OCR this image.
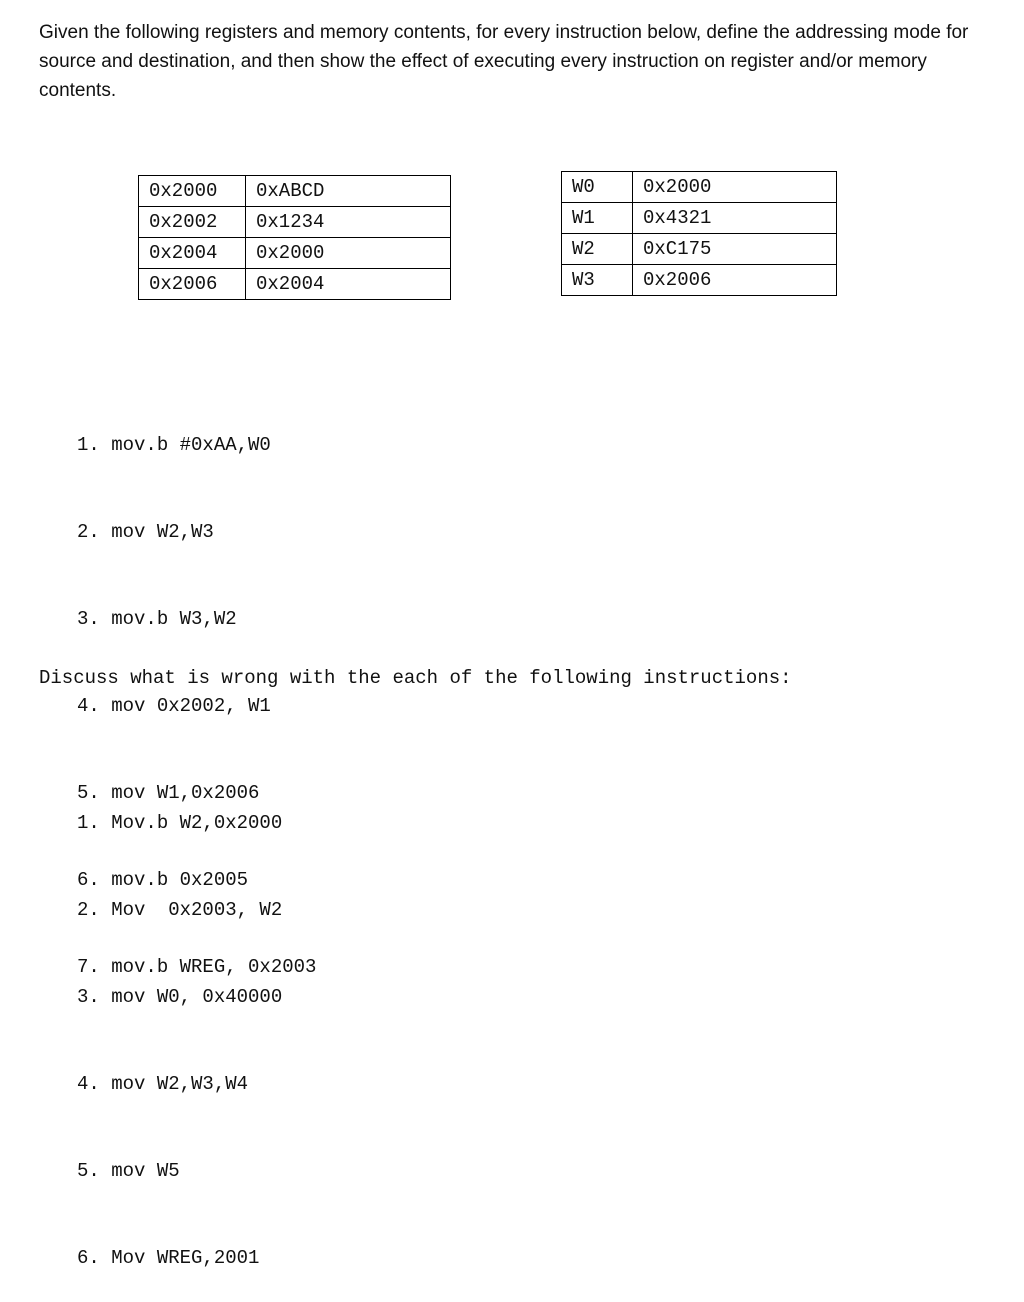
Given the following registers and memory contents, for every instruction below, define the addressing mode for source and destination, and then show the effect of executing every instruction on register and/or memory contents.

0x2000	0xABCD
0x2002	0x1234
0x2004	0x2000
0x2006	0x2004
W0	0x2000
W1	0x4321
W2	0xC175
W3	0x2006

1. mov.b #0xAA,W0

2. mov W2,W3

3. mov.b W3,W2

4. mov 0x2002, W1

5. mov W1,0x2006

6. mov.b 0x2005

7. mov.b WREG, 0x2003

Discuss what is wrong with the each of the following instructions:

1. Mov.b W2,0x2000

2. Mov  0x2003, W2

3. mov W0, 0x40000

4. mov W2,W3,W4

5. mov W5

6. Mov WREG,2001
